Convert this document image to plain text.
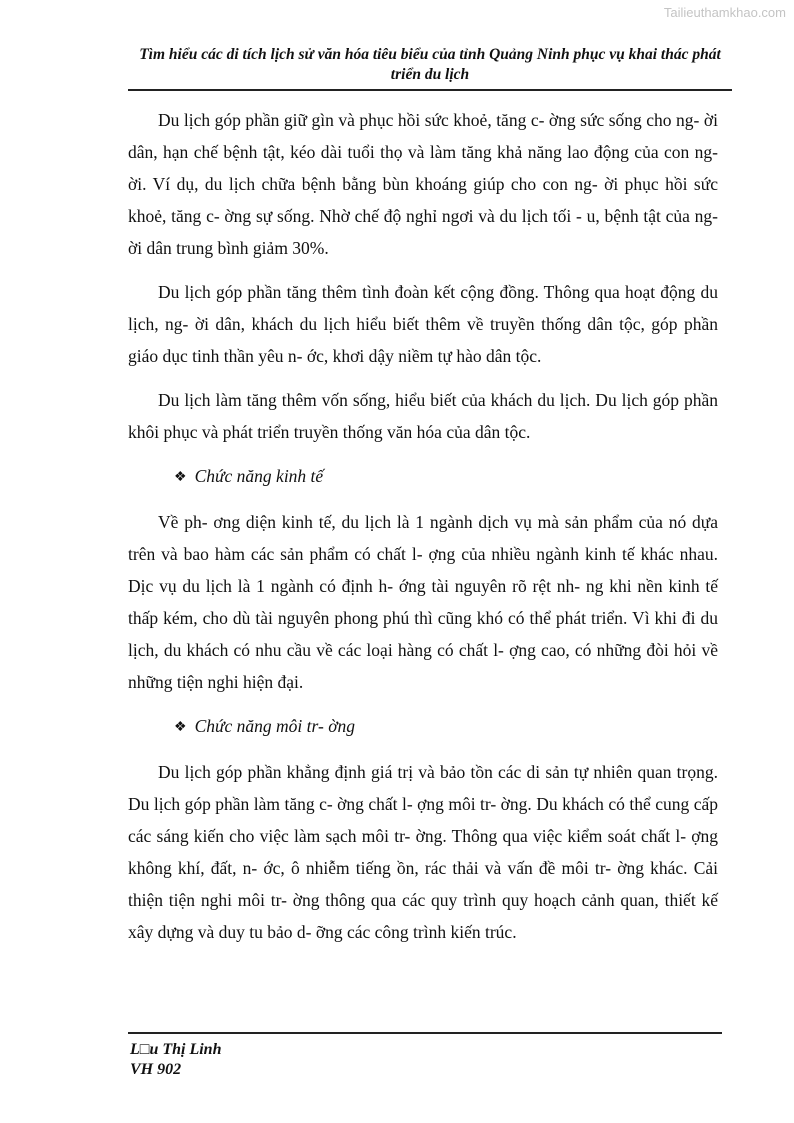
Tailieuthamkhao.com
Tìm hiểu các di tích lịch sử văn hóa tiêu biểu của tỉnh Quảng Ninh phục vụ khai thác phát triển du lịch

Du lịch góp phần giữ gìn và phục hồi sức khoẻ, tăng c- ờng sức sống cho ng- ời dân, hạn chế bệnh tật, kéo dài tuổi thọ và làm tăng khả năng lao động của con ng- ời. Ví dụ, du lịch chữa bệnh bằng bùn khoáng giúp cho con ng- ời phục hồi sức khoẻ, tăng c- ờng sự sống. Nhờ chế độ nghỉ ngơi và du lịch tối - u, bệnh tật của ng- ời dân trung bình giảm 30%.

Du lịch góp phần tăng thêm tình đoàn kết cộng đồng. Thông qua hoạt động du lịch, ng- ời dân, khách du lịch hiểu biết thêm về truyền thống dân tộc, góp phần giáo dục tinh thần yêu n- ớc, khơi dậy niềm tự hào dân tộc.

Du lịch làm tăng thêm vốn sống, hiểu biết của khách du lịch. Du lịch góp phần khôi phục và phát triển truyền thống văn hóa của dân tộc.

❖ Chức năng kinh tế

Về ph- ơng diện kinh tế, du lịch là 1 ngành dịch vụ mà sản phẩm của nó dựa trên và bao hàm các sản phẩm có chất l- ợng của nhiều ngành kinh tế khác nhau. Dịc vụ du lịch là 1 ngành có định h- ớng tài nguyên rõ rệt nh- ng khi nền kinh tế thấp kém, cho dù tài nguyên phong phú thì cũng khó có thể phát triển. Vì khi đi du lịch, du khách có nhu cầu về các loại hàng có chất l- ợng cao, có những đòi hỏi về những tiện nghi hiện đại.

❖ Chức năng môi tr- ờng

Du lịch góp phần khẳng định giá trị và bảo tồn các di sản tự nhiên quan trọng. Du lịch góp phần làm tăng c- ờng chất l- ợng môi tr- ờng. Du khách có thể cung cấp các sáng kiến cho việc làm sạch môi tr- ờng. Thông qua việc kiểm soát chất l- ợng không khí, đất, n- ớc, ô nhiễm tiếng ồn, rác thải và vấn đề môi tr- ờng khác. Cải thiện tiện nghi môi tr- ờng thông qua các quy trình quy hoạch cảnh quan, thiết kế xây dựng và duy tu bảo d- ỡng các công trình kiến trúc.

L□u Thị Linh
VH 902
